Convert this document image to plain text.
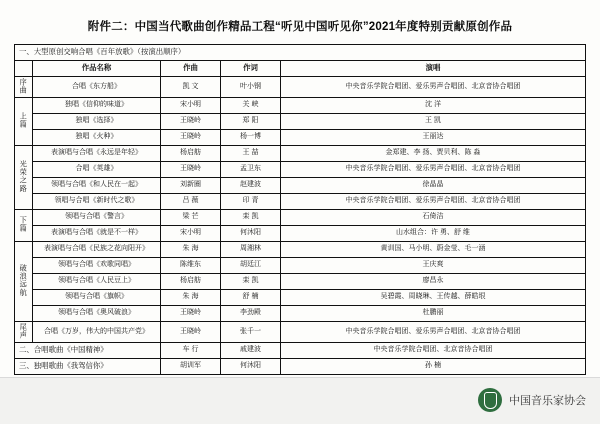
附件二：中国当代歌曲创作精品工程“听见中国听见你”2021年度特别贡献原创作品
一、大型原创交响合唱《百年放歌》（按演出顺序）				
	作品名称	作曲	作词	演唱
序曲	合唱《东方船》	凯 文	叶小钢	中央音乐学院合唱团、爱乐男声合唱团、北京音协合唱团
上篇	独唱《信仰的味道》	宋小明	关 峡	沈 洋
	独唱《选择》	王晓岭	郑 阳	王 凯
	独唱《火种》	王晓岭	杨一博	王丽达
光荣之路	表演唱与合唱《永远是年轻》	杨启舫	王 喆	金郑建、李 扬、贾贝利、陈 淼
	合唱《英雄》	王晓岭	孟卫东	中央音乐学院合唱团、爱乐男声合唱团、北京音协合唱团
	领唱与合唱《和人民在一起》	刘新圈	赵建波	徐晶晶
	领唱与合唱《新时代之歌》	吕 薇	印 青	中央音乐学院合唱团、爱乐男声合唱团、北京音协合唱团
下篇	领唱与合唱《警言》	梁 芒	栾 凯	石倚洁
	表演唱与合唱《就是不一样》	宋小明	何沐阳	山水组合：许 勇、舒 维
破浪远航	表演唱与合唱《民族之花向阳开》	朱 海	周湘林	黄训国、马小明、蔚金莹、毛一涵
	领唱与合唱《欢歌同唱》	陈维东	胡廷江	王庆爽
	领唱与合唱《人民豆上》	杨启舫	栾 凯	廖昌永
	领唱与合唱《旗帜》	朱 海	舒 楠	吴碧霞、周晓琳、王传越、薛皓垠
	领唱与合唱《奥风破浪》	王晓岭	李劲殿	杜鹏丽
尾声	合唱《万岁，伟大的中国共产党》	王晓岭	张千一	中央音乐学院合唱团、爱乐男声合唱团、北京音协合唱团
二、合唱歌曲《中国精神》		车 行	戚建波	中央音乐学院合唱团、北京音协合唱团
三、独唱歌曲《我驾信你》		胡训军	何沐阳	孙 楠
中国音乐家协会
